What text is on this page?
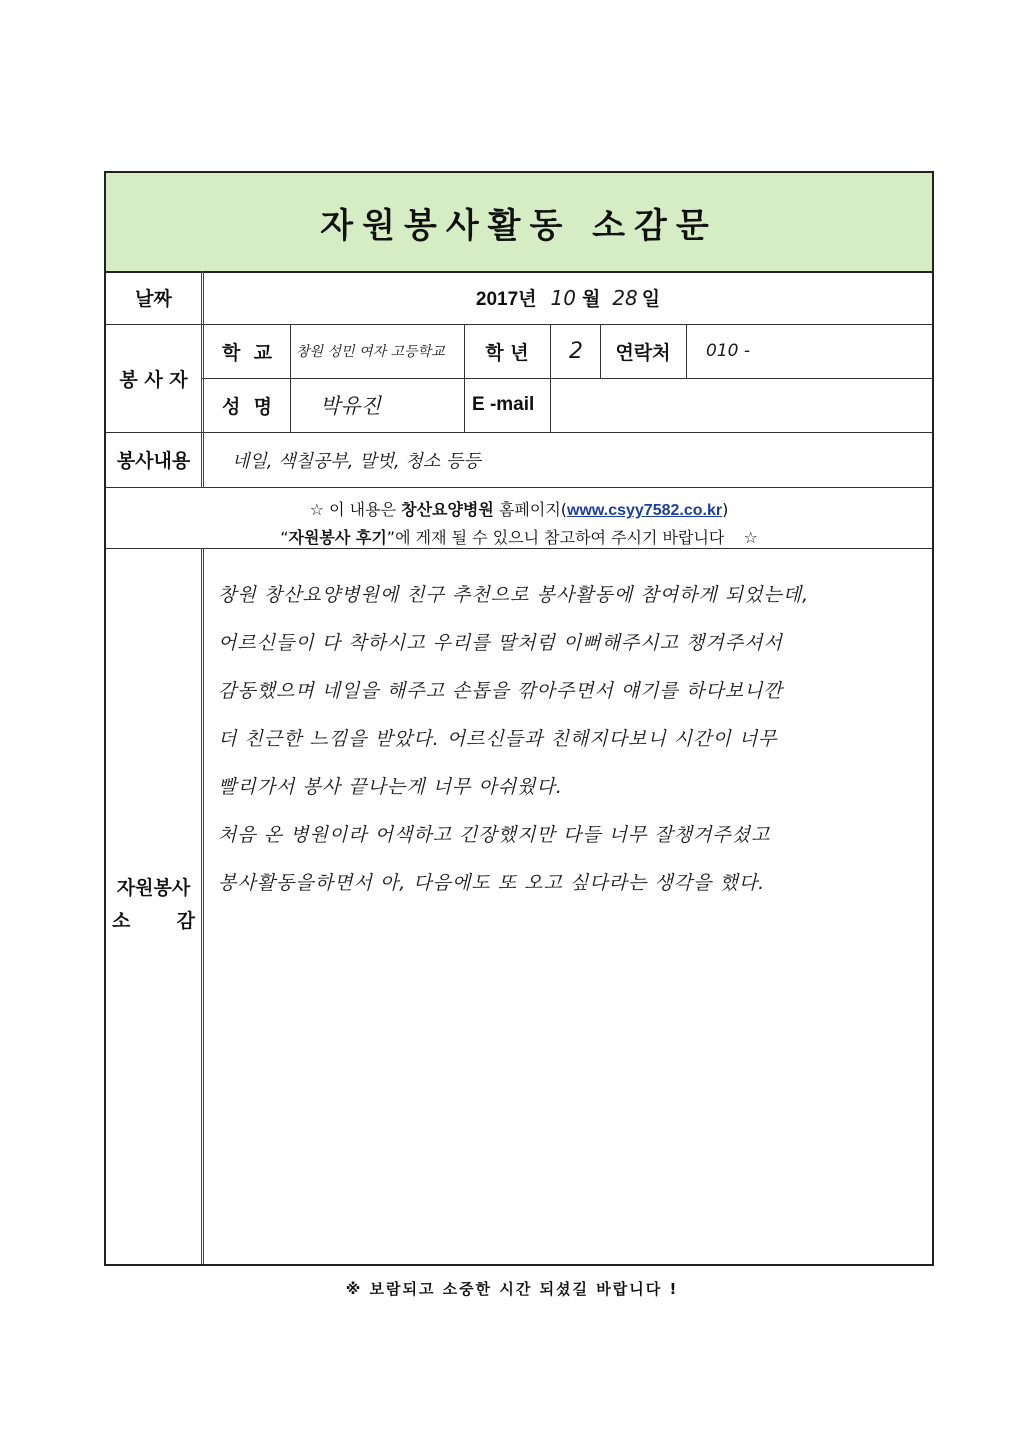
자원봉사활동 소감문
날짜	2017년 10 월 28 일
봉 사 자
학  교	창원 성민 여자 고등학교	학 년	2	연락처	010 -
성  명	박유진	E -mail
봉사내용	네일, 색칠공부, 말벗, 청소 등등
☆ 이 내용은 창산요양병원 홈페이지(www.csyy7582.co.kr)
“자원봉사 후기”에 게재 될 수 있으니 참고하여 주시기 바랍니다 ☆
자원봉사
소 감
창원 창산요양병원에 친구 추천으로 봉사활동에 참여하게 되었는데,
어르신들이 다 착하시고 우리를 딸처럼 이뻐해주시고 챙겨주셔서
감동했으며 네일을 해주고 손톱을 깎아주면서 얘기를 하다보니깐
더 친근한 느낌을 받았다. 어르신들과 친해지다보니 시간이 너무
빨리가서 봉사 끝나는게 너무 아쉬웠다.
처음 온 병원이라 어색하고 긴장했지만 다들 너무 잘챙겨주셨고
봉사활동을하면서 아, 다음에도 또 오고 싶다라는 생각을 했다.
※ 보람되고 소중한 시간 되셨길 바랍니다 !
